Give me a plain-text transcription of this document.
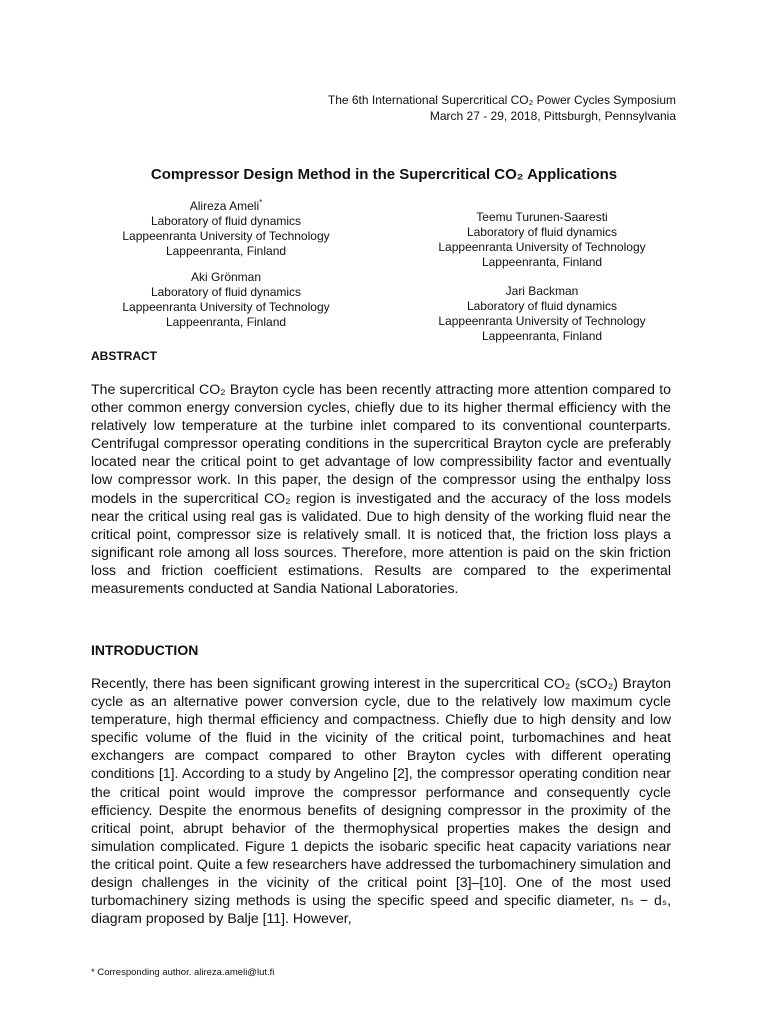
The 6th International Supercritical CO₂ Power Cycles Symposium
March 27 - 29, 2018, Pittsburgh, Pennsylvania
Compressor Design Method in the Supercritical CO₂ Applications
Alireza Ameli*
Laboratory of fluid dynamics
Lappeenranta University of Technology
Lappeenranta, Finland
Teemu Turunen-Saaresti
Laboratory of fluid dynamics
Lappeenranta University of Technology
Lappeenranta, Finland
Aki Grönman
Laboratory of fluid dynamics
Lappeenranta University of Technology
Lappeenranta, Finland
Jari Backman
Laboratory of fluid dynamics
Lappeenranta University of Technology
Lappeenranta, Finland
ABSTRACT
The supercritical CO₂ Brayton cycle has been recently attracting more attention compared to other common energy conversion cycles, chiefly due to its higher thermal efficiency with the relatively low temperature at the turbine inlet compared to its conventional counterparts. Centrifugal compressor operating conditions in the supercritical Brayton cycle are preferably located near the critical point to get advantage of low compressibility factor and eventually low compressor work. In this paper, the design of the compressor using the enthalpy loss models in the supercritical CO₂ region is investigated and the accuracy of the loss models near the critical using real gas is validated. Due to high density of the working fluid near the critical point, compressor size is relatively small. It is noticed that, the friction loss plays a significant role among all loss sources. Therefore, more attention is paid on the skin friction loss and friction coefficient estimations. Results are compared to the experimental measurements conducted at Sandia National Laboratories.
INTRODUCTION
Recently, there has been significant growing interest in the supercritical CO₂ (sCO₂) Brayton cycle as an alternative power conversion cycle, due to the relatively low maximum cycle temperature, high thermal efficiency and compactness. Chiefly due to high density and low specific volume of the fluid in the vicinity of the critical point, turbomachines and heat exchangers are compact compared to other Brayton cycles with different operating conditions [1]. According to a study by Angelino [2], the compressor operating condition near the critical point would improve the compressor performance and consequently cycle efficiency. Despite the enormous benefits of designing compressor in the proximity of the critical point, abrupt behavior of the thermophysical properties makes the design and simulation complicated. Figure 1 depicts the isobaric specific heat capacity variations near the critical point. Quite a few researchers have addressed the turbomachinery simulation and design challenges in the vicinity of the critical point [3]–[10]. One of the most used turbomachinery sizing methods is using the specific speed and specific diameter, nₛ − dₛ, diagram proposed by Balje [11]. However,
* Corresponding author. alireza.ameli@lut.fi
